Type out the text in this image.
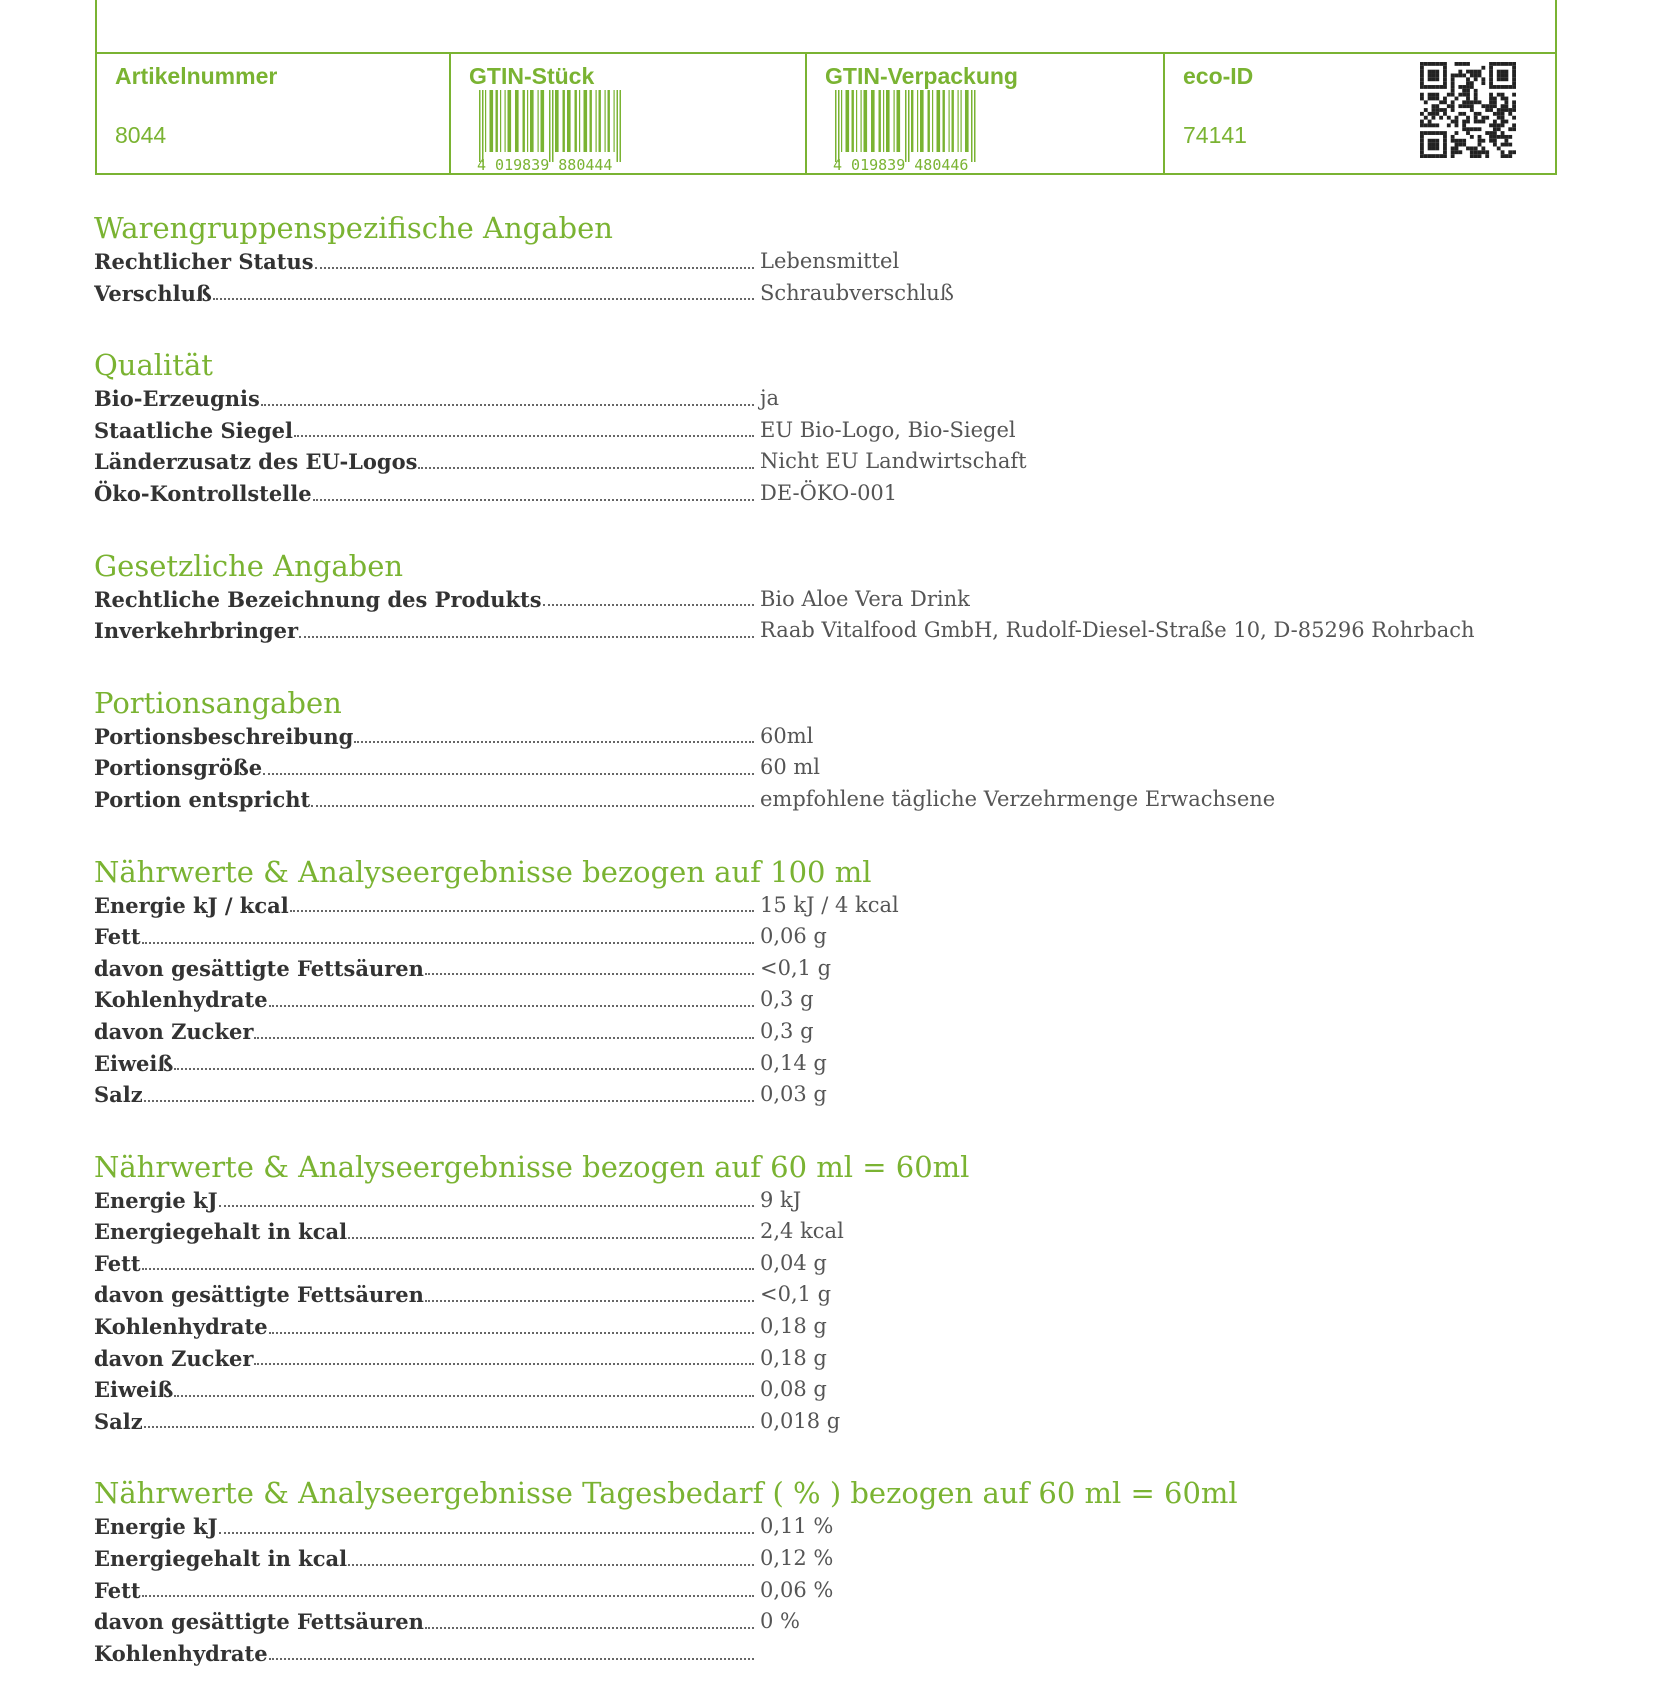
Artikelnummer
8044
GTIN-Stück
4 019839 880444
GTIN-Verpackung
4 019839 480446
eco-ID
74141
Warengruppenspezifische Angaben
Rechtlicher Status	Lebensmittel
Verschluß	Schraubverschluß
Qualität
Bio-Erzeugnis	ja
Staatliche Siegel	EU Bio-Logo, Bio-Siegel
Länderzusatz des EU-Logos	Nicht EU Landwirtschaft
Öko-Kontrollstelle	DE-ÖKO-001
Gesetzliche Angaben
Rechtliche Bezeichnung des Produkts	Bio Aloe Vera Drink
Inverkehrbringer	Raab Vitalfood GmbH, Rudolf-Diesel-Straße 10, D-85296 Rohrbach
Portionsangaben
Portionsbeschreibung	60ml
Portionsgröße	60 ml
Portion entspricht	empfohlene tägliche Verzehrmenge Erwachsene
Nährwerte & Analyseergebnisse bezogen auf 100 ml
Energie kJ / kcal	15 kJ / 4 kcal
Fett	0,06 g
davon gesättigte Fettsäuren	<0,1 g
Kohlenhydrate	0,3 g
davon Zucker	0,3 g
Eiweiß	0,14 g
Salz	0,03 g
Nährwerte & Analyseergebnisse bezogen auf 60 ml = 60ml
Energie kJ	9 kJ
Energiegehalt in kcal	2,4 kcal
Fett	0,04 g
davon gesättigte Fettsäuren	<0,1 g
Kohlenhydrate	0,18 g
davon Zucker	0,18 g
Eiweiß	0,08 g
Salz	0,018 g
Nährwerte & Analyseergebnisse Tagesbedarf ( % ) bezogen auf 60 ml = 60ml
Energie kJ	0,11 %
Energiegehalt in kcal	0,12 %
Fett	0,06 %
davon gesättigte Fettsäuren	0 %
Kohlenhydrate
